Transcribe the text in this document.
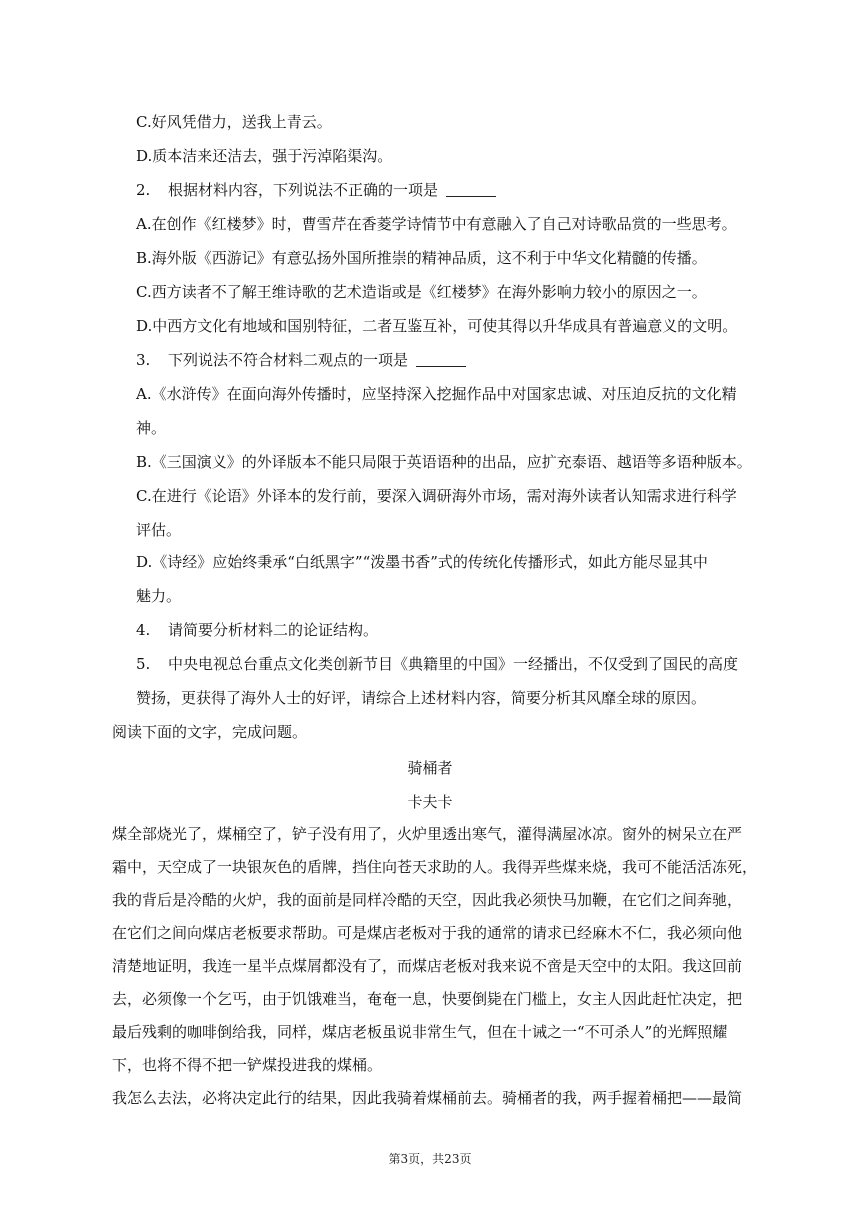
C.好风凭借力，送我上青云。
D.质本洁来还洁去，强于污淖陷渠沟。
2. 根据材料内容，下列说法不正确的一项是
A.在创作《红楼梦》时，曹雪芹在香菱学诗情节中有意融入了自己对诗歌品赏的一些思考。
B.海外版《西游记》有意弘扬外国所推崇的精神品质，这不利于中华文化精髓的传播。
C.西方读者不了解王维诗歌的艺术造诣或是《红楼梦》在海外影响力较小的原因之一。
D.中西方文化有地域和国别特征，二者互鉴互补，可使其得以升华成具有普遍意义的文明。
3. 下列说法不符合材料二观点的一项是
A.《水浒传》在面向海外传播时，应坚持深入挖掘作品中对国家忠诚、对压迫反抗的文化精
神。
B.《三国演义》的外译版本不能只局限于英语语种的出品，应扩充泰语、越语等多语种版本。
C.在进行《论语》外译本的发行前，要深入调研海外市场，需对海外读者认知需求进行科学
评估。
D.《诗经》应始终秉承“白纸黑字”“泼墨书香”式的传统化传播形式，如此方能尽显其中
魅力。
4. 请简要分析材料二的论证结构。
5. 中央电视总台重点文化类创新节目《典籍里的中国》一经播出，不仅受到了国民的高度
赞扬，更获得了海外人士的好评，请综合上述材料内容，简要分析其风靡全球的原因。
阅读下面的文字，完成问题。
骑桶者
卡夫卡
煤全部烧光了，煤桶空了，铲子没有用了，火炉里透出寒气，灌得满屋冰凉。窗外的树呆立在严
霜中，天空成了一块银灰色的盾牌，挡住向苍天求助的人。我得弄些煤来烧，我可不能活活冻死，
我的背后是冷酷的火炉，我的面前是同样冷酷的天空，因此我必须快马加鞭，在它们之间奔驰，
在它们之间向煤店老板要求帮助。可是煤店老板对于我的通常的请求已经麻木不仁，我必须向他
清楚地证明，我连一星半点煤屑都没有了，而煤店老板对我来说不啻是天空中的太阳。我这回前
去，必须像一个乞丐，由于饥饿难当，奄奄一息，快要倒毙在门槛上，女主人因此赶忙决定，把
最后残剩的咖啡倒给我，同样，煤店老板虽说非常生气，但在十诫之一“不可杀人”的光辉照耀
下，也将不得不把一铲煤投进我的煤桶。
我怎么去法，必将决定此行的结果，因此我骑着煤桶前去。骑桶者的我，两手握着桶把——最简
第3页，共23页
